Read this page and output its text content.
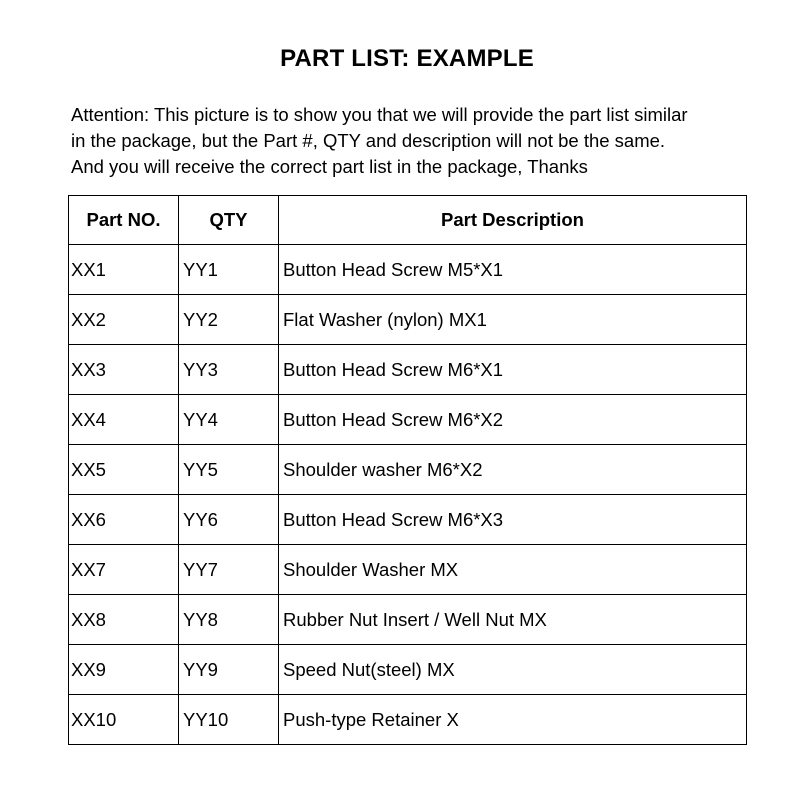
PART LIST: EXAMPLE
Attention: This picture is to show you that we will provide the part list similar
in the package, but the Part #, QTY and description will not be the same.
And you will receive the correct part list in the package, Thanks
Part NO.	QTY	Part Description
XX1	YY1	Button Head Screw M5*X1
XX2	YY2	Flat Washer (nylon) MX1
XX3	YY3	Button Head Screw M6*X1
XX4	YY4	Button Head Screw M6*X2
XX5	YY5	Shoulder washer M6*X2
XX6	YY6	Button Head Screw M6*X3
XX7	YY7	Shoulder Washer MX
XX8	YY8	Rubber Nut Insert / Well Nut MX
XX9	YY9	Speed Nut(steel) MX
XX10	YY10	Push-type Retainer X
